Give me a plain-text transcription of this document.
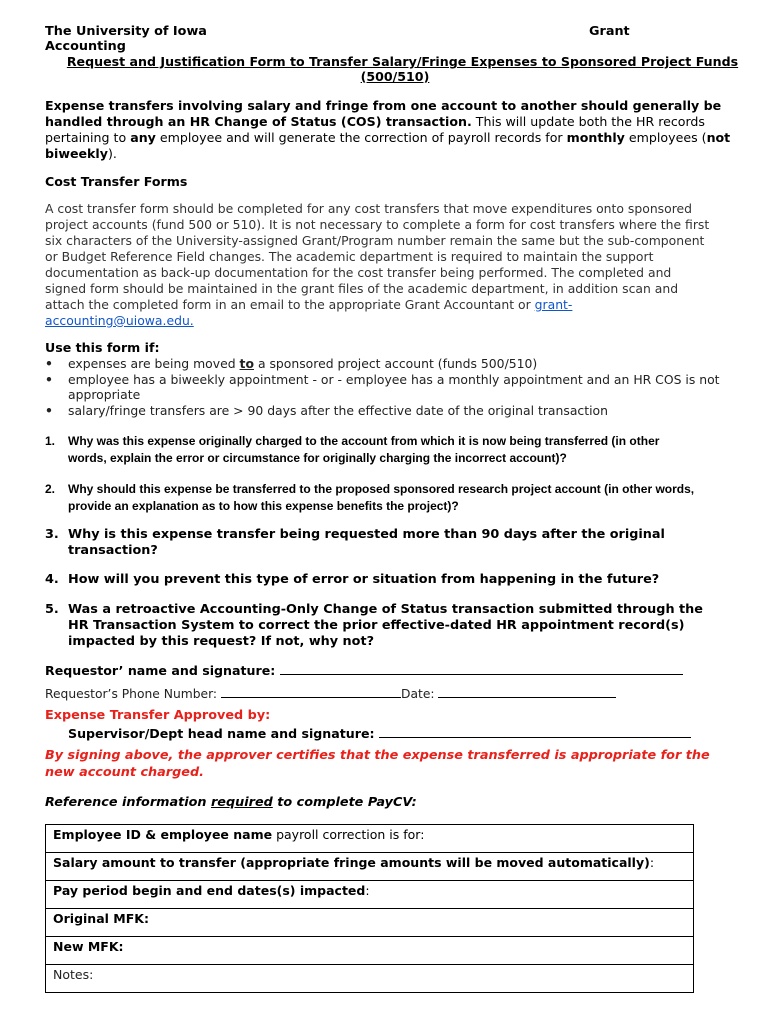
The University of Iowa	Grant
Accounting
Request and Justification Form to Transfer Salary/Fringe Expenses to Sponsored Project Funds
(500/510)
Expense transfers involving salary and fringe from one account to another should generally be handled through an HR Change of Status (COS) transaction. This will update both the HR records pertaining to any employee and will generate the correction of payroll records for monthly employees (not biweekly).
Cost Transfer Forms
A cost transfer form should be completed for any cost transfers that move expenditures onto sponsored project accounts (fund 500 or 510). It is not necessary to complete a form for cost transfers where the first six characters of the University-assigned Grant/Program number remain the same but the sub-component or Budget Reference Field changes. The academic department is required to maintain the support documentation as back-up documentation for the cost transfer being performed. The completed and signed form should be maintained in the grant files of the academic department, in addition scan and attach the completed form in an email to the appropriate Grant Accountant or grant-accounting@uiowa.edu.
Use this form if:
• expenses are being moved to a sponsored project account (funds 500/510)
• employee has a biweekly appointment - or - employee has a monthly appointment and an HR COS is not appropriate
• salary/fringe transfers are > 90 days after the effective date of the original transaction
1. Why was this expense originally charged to the account from which it is now being transferred (in other words, explain the error or circumstance for originally charging the incorrect account)?
2. Why should this expense be transferred to the proposed sponsored research project account (in other words, provide an explanation as to how this expense benefits the project)?
3. Why is this expense transfer being requested more than 90 days after the original transaction?
4. How will you prevent this type of error or situation from happening in the future?
5. Was a retroactive Accounting-Only Change of Status transaction submitted through the HR Transaction System to correct the prior effective-dated HR appointment record(s) impacted by this request? If not, why not?
Requestor’ name and signature:
Requestor’s Phone Number:	Date:
Expense Transfer Approved by:
Supervisor/Dept head name and signature:
By signing above, the approver certifies that the expense transferred is appropriate for the new account charged.
Reference information required to complete PayCV:
Employee ID & employee name payroll correction is for:
Salary amount to transfer (appropriate fringe amounts will be moved automatically):
Pay period begin and end dates(s) impacted:
Original MFK:
New MFK:
Notes:
